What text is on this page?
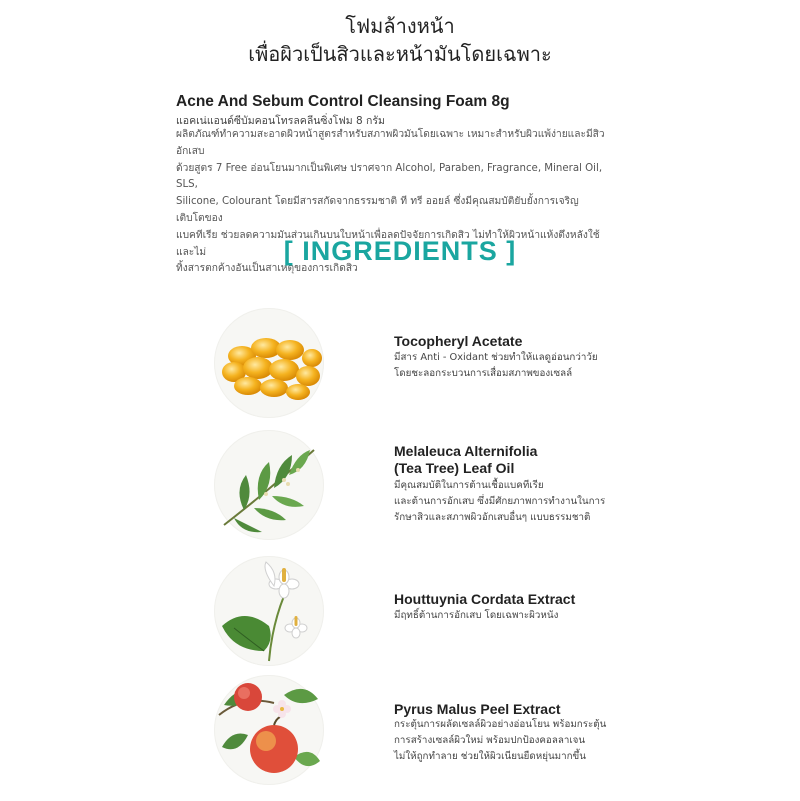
โฟมล้างหน้า
เพื่อผิวเป็นสิวและหน้ามันโดยเฉพาะ
Acne And Sebum Control Cleansing Foam 8g
แอคเน่แอนด์ซีบัมคอนโทรลคลีนซิ่งโฟม 8 กรัม
ผลิตภัณฑ์ทำความสะอาดผิวหน้าสูตรสำหรับสภาพผิวมันโดยเฉพาะ เหมาะสำหรับผิวแพ้ง่ายและมีสิวอักเสบ
ด้วยสูตร 7 Free อ่อนโยนมากเป็นพิเศษ ปราศจาก Alcohol, Paraben, Fragrance, Mineral Oil, SLS,
Silicone, Colourant โดยมีสารสกัดจากธรรมชาติ ที ทรี ออยล์ ซึ่งมีคุณสมบัติยับยั้งการเจริญเติบโตของ
แบคทีเรีย ช่วยลดความมันส่วนเกินบนใบหน้าเพื่อลดปัจจัยการเกิดสิว ไม่ทำให้ผิวหน้าแห้งตึงหลังใช้ และไม่
ทิ้งสารตกค้างอันเป็นสาเหตุของการเกิดสิว
[ INGREDIENTS ]
Tocopheryl Acetate
มีสาร Anti - Oxidant ช่วยทำให้แลดูอ่อนกว่าวัย
โดยชะลอกระบวนการเสื่อมสภาพของเซลล์
Melaleuca Alternifolia
(Tea Tree) Leaf Oil
มีคุณสมบัติในการต้านเชื้อแบคทีเรีย
และต้านการอักเสบ ซึ่งมีศักยภาพการทำงานในการ
รักษาสิวและสภาพผิวอักเสบอื่นๆ แบบธรรมชาติ
Houttuynia Cordata Extract
มีฤทธิ์ต้านการอักเสบ โดยเฉพาะผิวหนัง
Pyrus Malus Peel Extract
กระตุ้นการผลัดเซลล์ผิวอย่างอ่อนโยน พร้อมกระตุ้น
การสร้างเซลล์ผิวใหม่ พร้อมปกป้องคอลลาเจน
ไม่ให้ถูกทำลาย ช่วยให้ผิวเนียนยืดหยุ่นมากขึ้น
